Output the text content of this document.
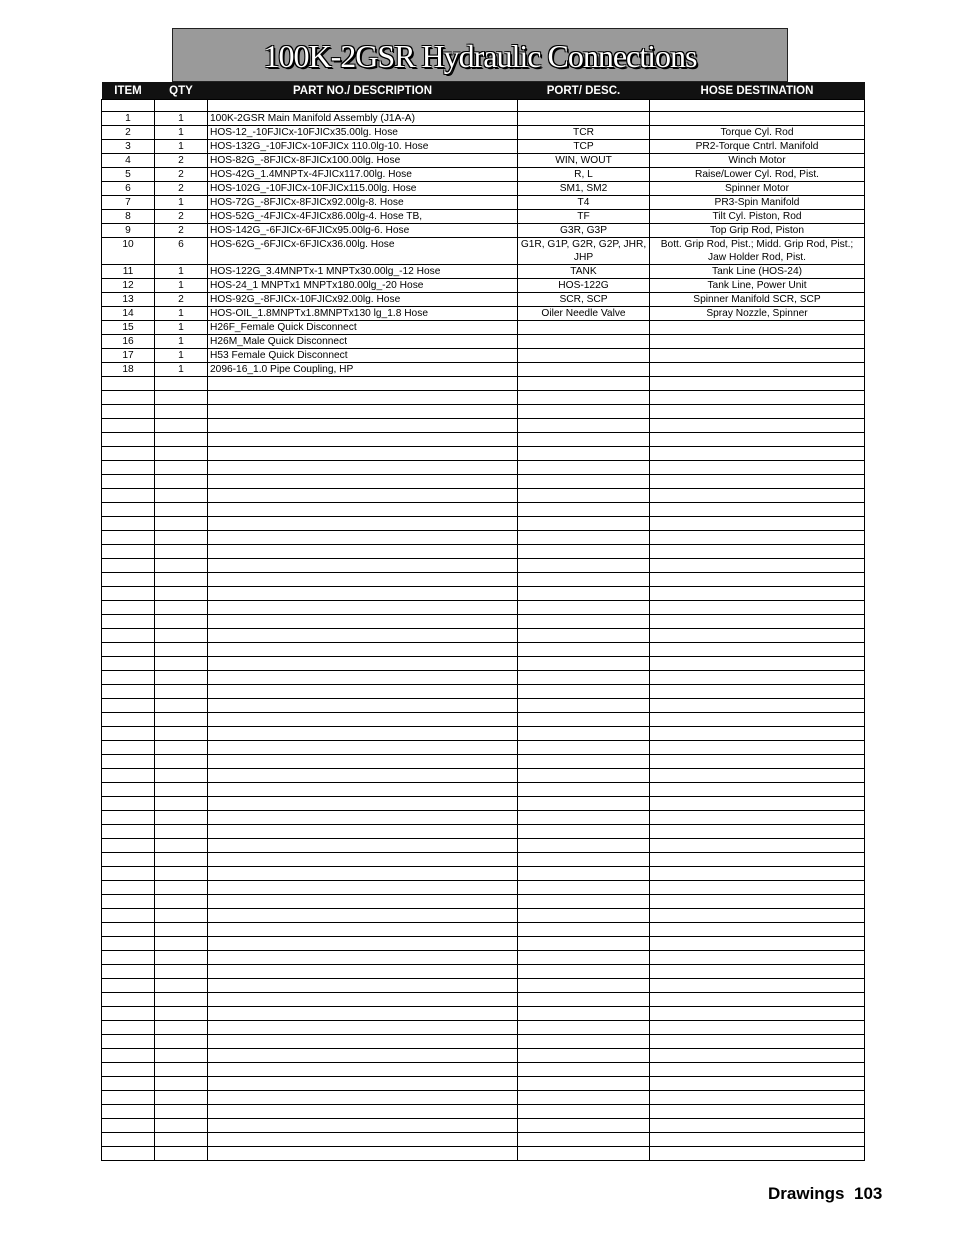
100K-2GSR Hydraulic Connections
ITEM	QTY	PART NO./ DESCRIPTION	PORT/ DESC.	HOSE DESTINATION

1	1	100K-2GSR Main Manifold Assembly (J1A-A)		
2	1	HOS-12_-10FJICx-10FJICx35.00lg. Hose	TCR	Torque Cyl. Rod
3	1	HOS-132G_-10FJICx-10FJICx 110.0lg-10. Hose	TCP	PR2-Torque Cntrl. Manifold
4	2	HOS-82G_-8FJICx-8FJICx100.00lg. Hose	WIN, WOUT	Winch Motor
5	2	HOS-42G_1.4MNPTx-4FJICx117.00lg. Hose	R, L	Raise/Lower Cyl. Rod, Pist.
6	2	HOS-102G_-10FJICx-10FJICx115.00lg. Hose	SM1, SM2	Spinner Motor
7	1	HOS-72G_-8FJICx-8FJICx92.00lg-8. Hose	T4	PR3-Spin Manifold
8	2	HOS-52G_-4FJICx-4FJICx86.00lg-4. Hose TB,	TF	Tilt Cyl. Piston, Rod
9	2	HOS-142G_-6FJICx-6FJICx95.00lg-6. Hose	G3R, G3P	Top Grip Rod, Piston
10	6	HOS-62G_-6FJICx-6FJICx36.00lg. Hose	G1R, G1P, G2R, G2P, JHR, JHP	Bott. Grip Rod, Pist.; Midd. Grip Rod, Pist.; Jaw Holder Rod, Pist.
11	1	HOS-122G_3.4MNPTx-1 MNPTx30.00lg_-12 Hose	TANK	Tank Line (HOS-24)
12	1	HOS-24_1 MNPTx1 MNPTx180.00lg_-20 Hose	HOS-122G	Tank Line, Power Unit
13	2	HOS-92G_-8FJICx-10FJICx92.00lg. Hose	SCR, SCP	Spinner Manifold SCR, SCP
14	1	HOS-OIL_1.8MNPTx1.8MNPTx130 lg_1.8 Hose	Oiler Needle Valve	Spray Nozzle, Spinner
15	1	H26F_Female Quick Disconnect		
16	1	H26M_Male Quick Disconnect		
17	1	H53 Female Quick Disconnect		
18	1	2096-16_1.0 Pipe Coupling, HP		

Drawings 103
